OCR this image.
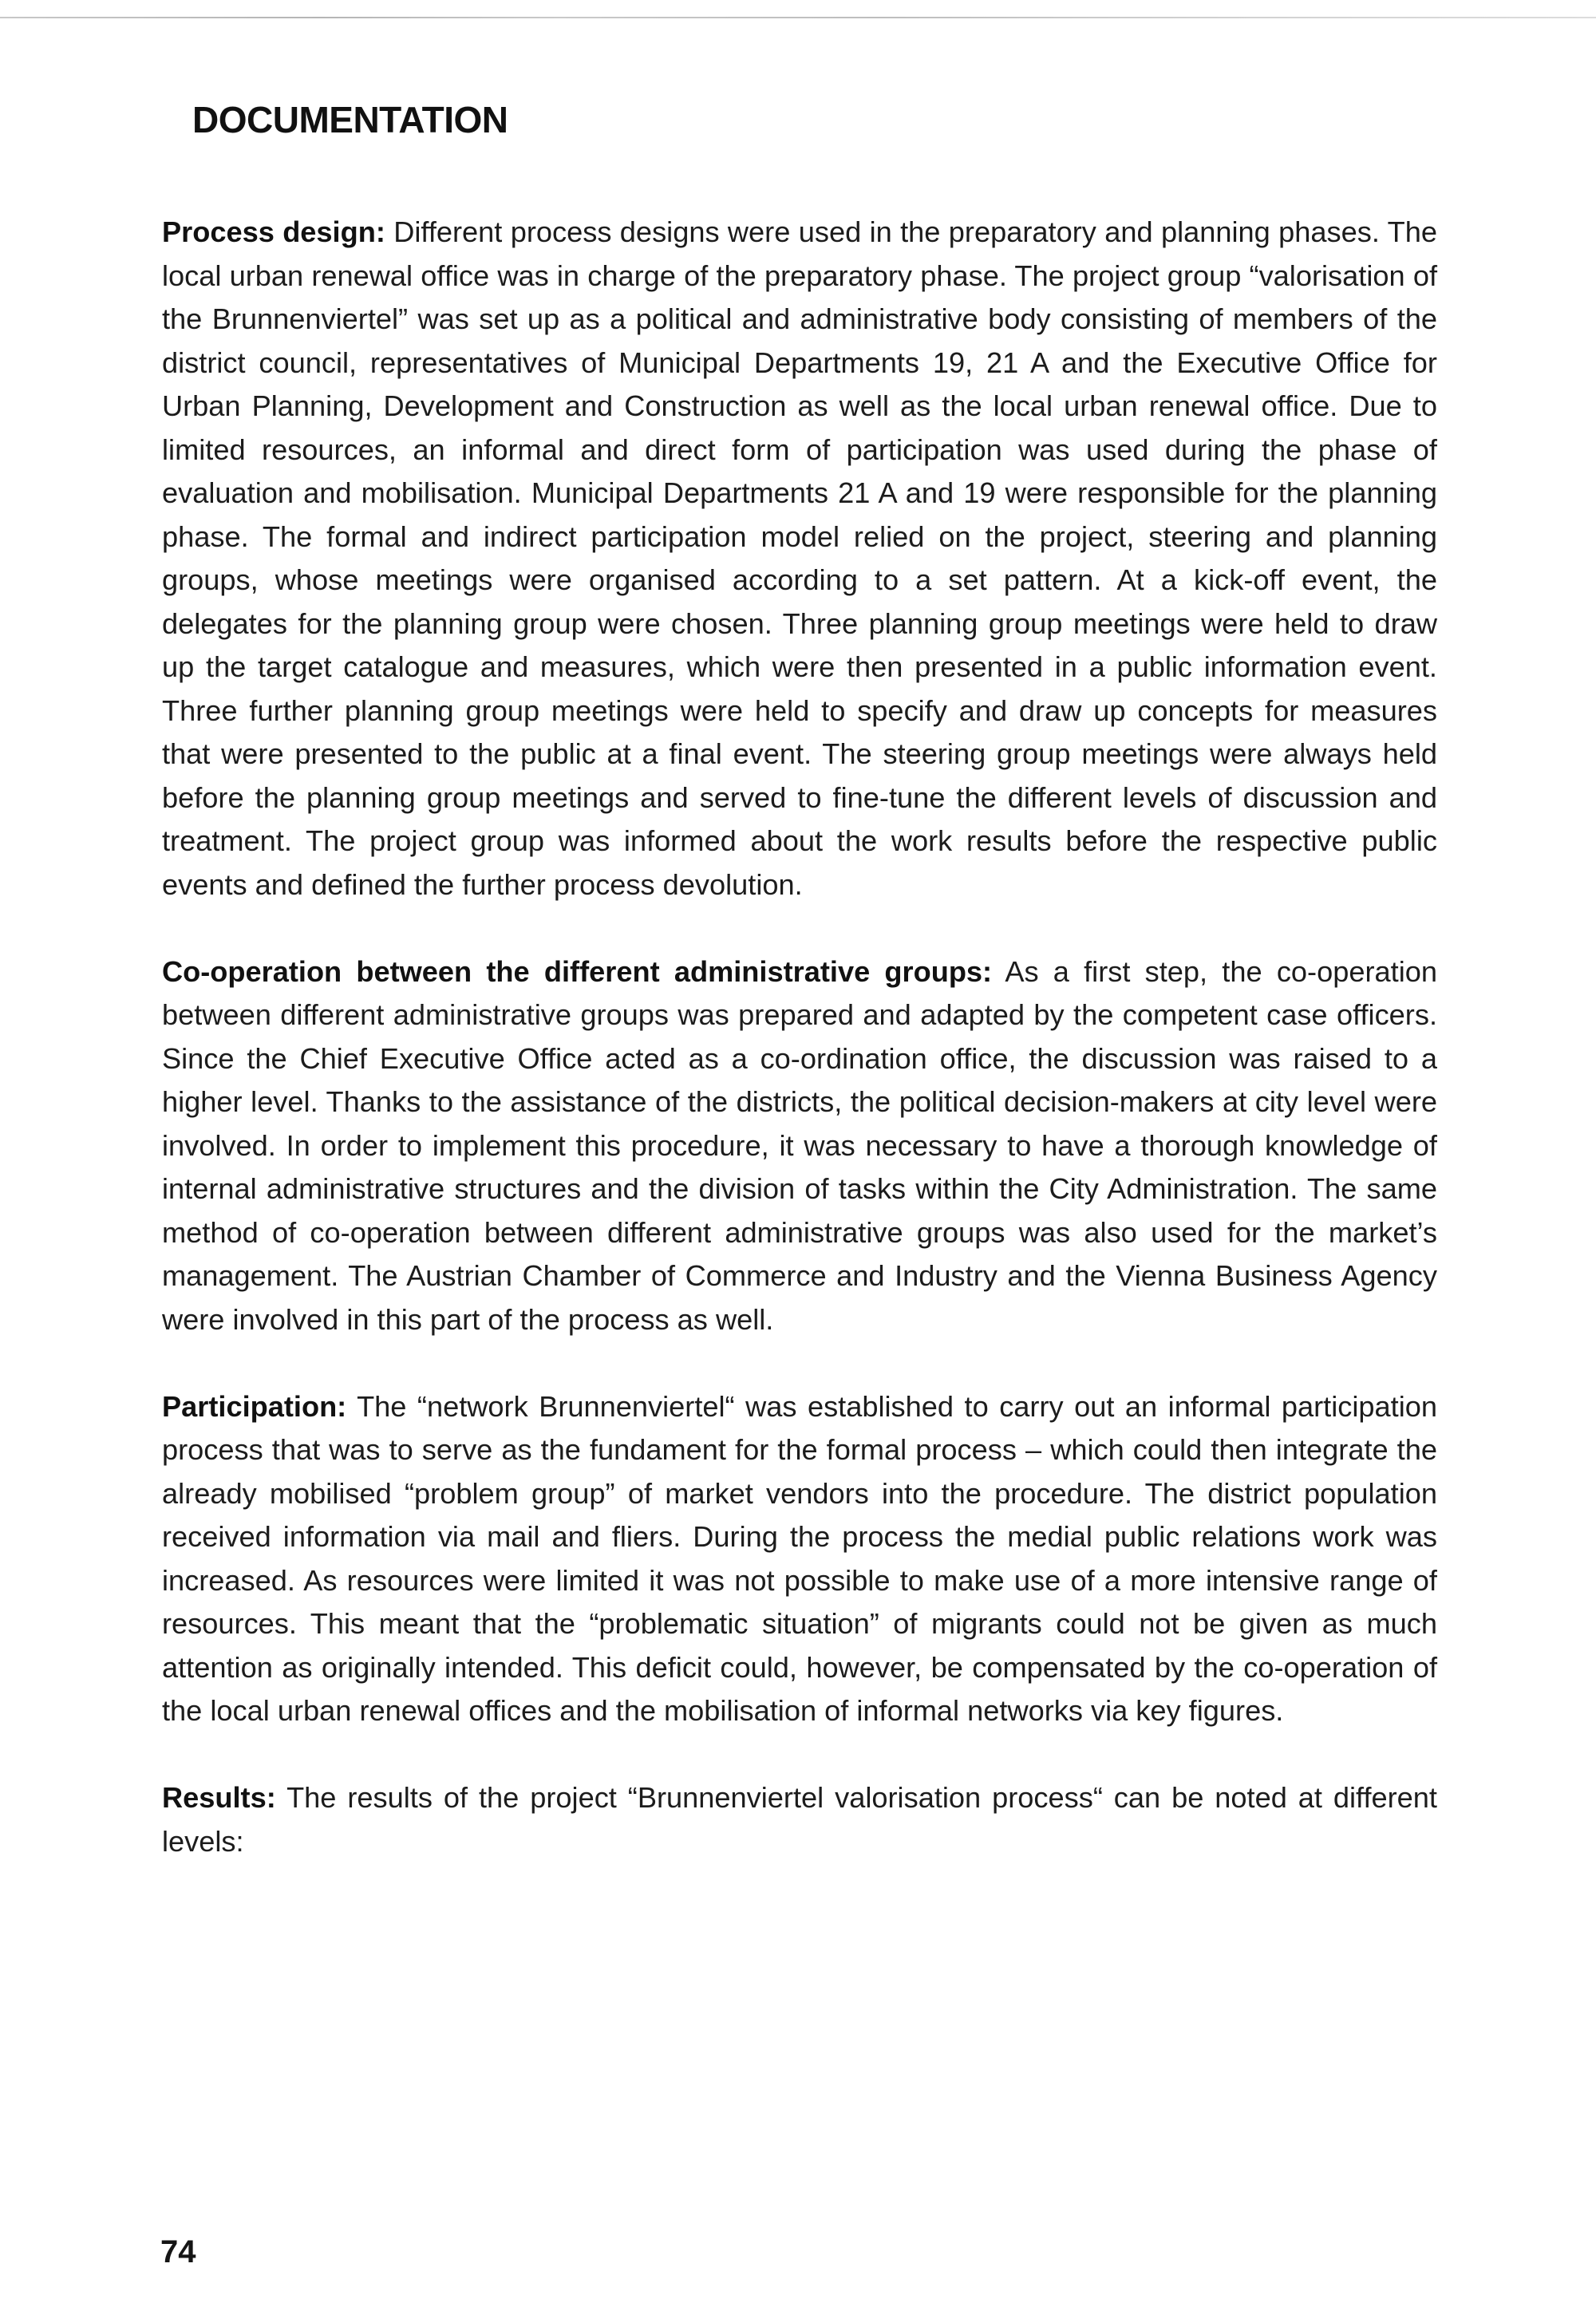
DOCUMENTATION

Process design: Different process designs were used in the preparatory and planning phases. The local urban renewal office was in charge of the preparatory phase. The project group “valorisation of the Brunnenviertel” was set up as a political and administrative body consisting of members of the district council, representatives of Municipal Departments 19, 21 A and the Executive Office for Urban Planning, Development and Construction as well as the local urban renewal office. Due to limited resources, an informal and direct form of participation was used during the phase of evaluation and mobilisation. Municipal Departments 21 A and 19 were responsible for the planning phase. The formal and indirect participation model relied on the project, steering and planning groups, whose meetings were organised according to a set pattern. At a kick-off event, the delegates for the planning group were chosen. Three planning group meetings were held to draw up the target catalogue and measures, which were then presented in a public information event. Three further planning group meetings were held to specify and draw up concepts for measures that were presented to the public at a final event. The steering group meetings were always held before the planning group meetings and served to fine-tune the different levels of discussion and treatment. The project group was informed about the work results before the respective public events and defined the further process devolution.

Co-operation between the different administrative groups: As a first step, the co-operation between different administrative groups was prepared and adapted by the competent case officers. Since the Chief Executive Office acted as a co-ordination office, the discussion was raised to a higher level. Thanks to the assistance of the districts, the political decision-makers at city level were involved. In order to implement this procedure, it was necessary to have a thorough knowledge of internal administrative structures and the division of tasks within the City Administration. The same method of co-operation between different administrative groups was also used for the market’s management. The Austrian Chamber of Commerce and Industry and the Vienna Business Agency were involved in this part of the process as well.

Participation: The “network Brunnenviertel“ was established to carry out an informal participation process that was to serve as the fundament for the formal process – which could then integrate the already mobilised “problem group” of market vendors into the procedure. The district population received information via mail and fliers. During the process the medial public relations work was increased. As resources were limited it was not possible to make use of a more intensive range of resources. This meant that the “problematic situation” of migrants could not be given as much attention as originally intended. This deficit could, however, be compensated by the co-operation of the local urban renewal offices and the mobilisation of informal networks via key figures.

Results: The results of the project “Brunnenviertel valorisation process“ can be noted at different levels:

74
